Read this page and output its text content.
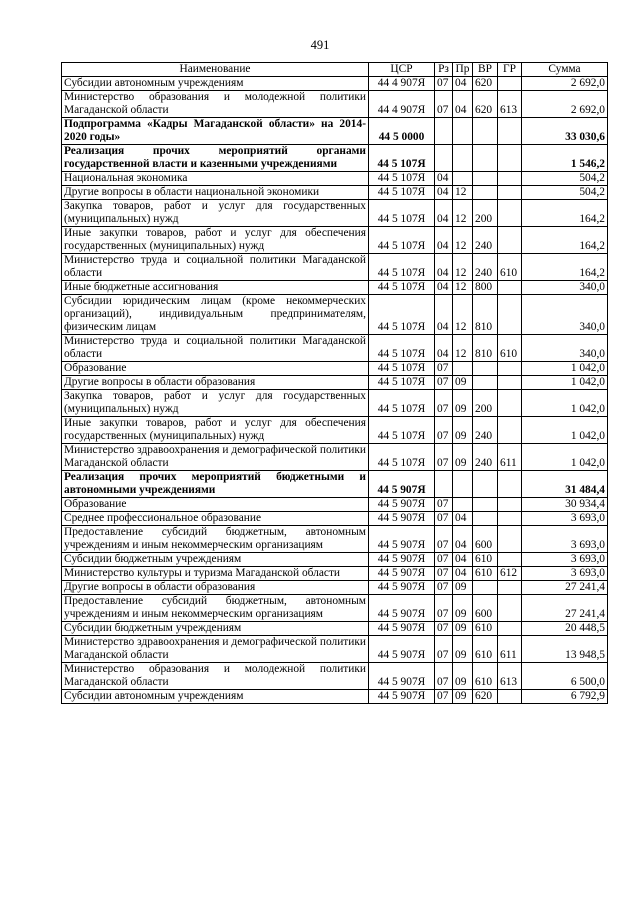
491
Наименование	ЦСР	Рз	Пр	ВР	ГР	Сумма
Субсидии автономным учреждениям	44 4 907Я	07	04	620		2 692,0
Министерство образования и молодежной политики Магаданской области	44 4 907Я	07	04	620	613	2 692,0
Подпрограмма «Кадры Магаданской области» на 2014-2020 годы»	44 5 0000					33 030,6
Реализация прочих мероприятий органами государственной власти и казенными учреждениями	44 5 107Я					1 546,2
Национальная экономика	44 5 107Я	04				504,2
Другие вопросы в области национальной экономики	44 5 107Я	04	12			504,2
Закупка товаров, работ и услуг для государственных (муниципальных) нужд	44 5 107Я	04	12	200		164,2
Иные закупки товаров, работ и услуг для обеспечения государственных (муниципальных) нужд	44 5 107Я	04	12	240		164,2
Министерство труда и социальной политики Магаданской области	44 5 107Я	04	12	240	610	164,2
Иные бюджетные ассигнования	44 5 107Я	04	12	800		340,0
Субсидии юридическим лицам (кроме некоммерческих организаций), индивидуальным предпринимателям, физическим лицам	44 5 107Я	04	12	810		340,0
Министерство труда и социальной политики Магаданской области	44 5 107Я	04	12	810	610	340,0
Образование	44 5 107Я	07				1 042,0
Другие вопросы в области образования	44 5 107Я	07	09			1 042,0
Закупка товаров, работ и услуг для государственных (муниципальных) нужд	44 5 107Я	07	09	200		1 042,0
Иные закупки товаров, работ и услуг для обеспечения государственных (муниципальных) нужд	44 5 107Я	07	09	240		1 042,0
Министерство здравоохранения и демографической политики Магаданской области	44 5 107Я	07	09	240	611	1 042,0
Реализация прочих мероприятий бюджетными и автономными учреждениями	44 5 907Я					31 484,4
Образование	44 5 907Я	07				30 934,4
Среднее профессиональное образование	44 5 907Я	07	04			3 693,0
Предоставление субсидий бюджетным, автономным учреждениям и иным некоммерческим организациям	44 5 907Я	07	04	600		3 693,0
Субсидии бюджетным учреждениям	44 5 907Я	07	04	610		3 693,0
Министерство культуры и туризма Магаданской области	44 5 907Я	07	04	610	612	3 693,0
Другие вопросы в области образования	44 5 907Я	07	09			27 241,4
Предоставление субсидий бюджетным, автономным учреждениям и иным некоммерческим организациям	44 5 907Я	07	09	600		27 241,4
Субсидии бюджетным учреждениям	44 5 907Я	07	09	610		20 448,5
Министерство здравоохранения и демографической политики Магаданской области	44 5 907Я	07	09	610	611	13 948,5
Министерство образования и молодежной политики Магаданской области	44 5 907Я	07	09	610	613	6 500,0
Субсидии автономным учреждениям	44 5 907Я	07	09	620		6 792,9
